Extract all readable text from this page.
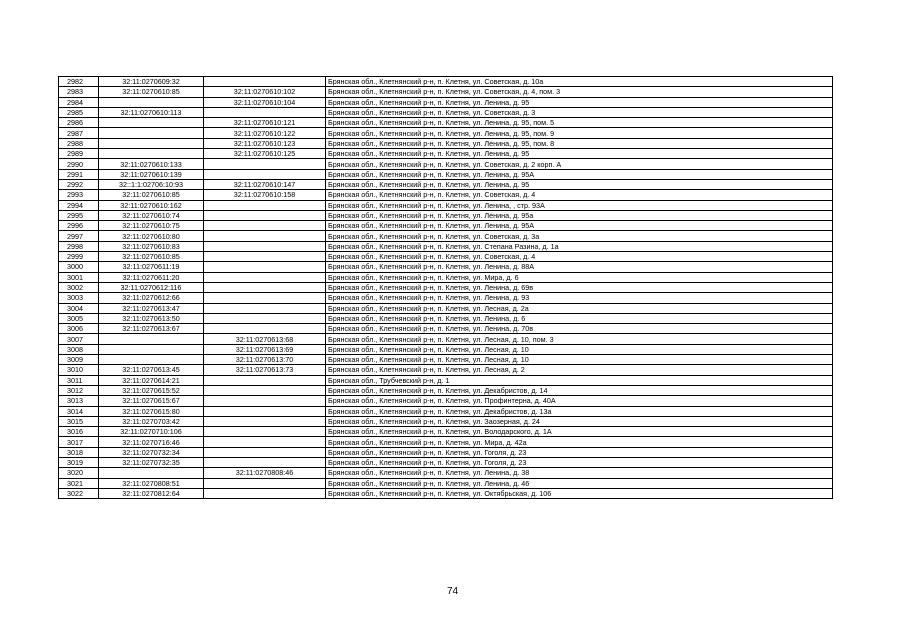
2982	32:11:0270609:32		Брянская обл., Клетнянский р-н, п. Клетня, ул. Советская, д. 10а
2983	32:11:0270610:85	32:11:0270610:102	Брянская обл., Клетнянский р-н, п. Клетня, ул. Советская, д. 4, пом. 3
2984		32:11:0270610:104	Брянская обл., Клетнянский р-н, п. Клетня, ул. Ленина, д. 95
2985	32:11:0270610:113		Брянская обл., Клетнянский р-н, п. Клетня, ул. Советская, д. 3
2986		32:11:0270610:121	Брянская обл., Клетнянский р-н, п. Клетня, ул. Ленина, д. 95, пом. 5
2987		32:11:0270610:122	Брянская обл., Клетнянский р-н, п. Клетня, ул. Ленина, д. 95, пом. 9
2988		32:11:0270610:123	Брянская обл., Клетнянский р-н, п. Клетня, ул. Ленина, д. 95, пом. 8
2989		32:11:0270610:125	Брянская обл., Клетнянский р-н, п. Клетня, ул. Ленина, д. 95
2990	32:11:0270610:133		Брянская обл., Клетнянский р-н, п. Клетня, ул. Советская, д. 2 корп. А
2991	32:11:0270610:139		Брянская обл., Клетнянский р-н, п. Клетня, ул. Ленина, д. 95А
2992	32::1:1:02706:10:93	32:11:0270610:147	Брянская обл., Клетнянский р-н, п. Клетня, ул. Ленина, д. 95
2993	32:11:0270610:85	32:11:0270610:158	Брянская обл., Клетнянский р-н, п. Клетня, ул. Советская, д. 4
2994	32:11:0270610:162		Брянская обл., Клетнянский р-н, п. Клетня, ул. Ленина, , стр. 93А
2995	32:11:0270610:74		Брянская обл., Клетнянский р-н, п. Клетня, ул. Ленина, д. 95а
2996	32:11:0270610:75		Брянская обл., Клетнянский р-н, п. Клетня, ул. Ленина, д. 95А
2997	32:11:0270610:80		Брянская обл., Клетнянский р-н, п. Клетня, ул. Советская, д. 3а
2998	32:11:0270610:83		Брянская обл., Клетнянский р-н, п. Клетня, ул. Степана Разина, д. 1а
2999	32:11:0270610:85		Брянская обл., Клетнянский р-н, п. Клетня, ул. Советская, д. 4
3000	32:11:0270611:19		Брянская обл., Клетнянский р-н, п. Клетня, ул. Ленина, д. 88А
3001	32:11:0270611:20		Брянская обл., Клетнянский р-н, п. Клетня, ул. Мира, д. 6
3002	32:11:0270612:116		Брянская обл., Клетнянский р-н, п. Клетня, ул. Ленина, д. 69в
3003	32:11:0270612:66		Брянская обл., Клетнянский р-н, п. Клетня, ул. Ленина, д. 93
3004	32:11:0270613:47		Брянская обл., Клетнянский р-н, п. Клетня, ул. Лесная, д. 2а
3005	32:11:0270613:50		Брянская обл., Клетнянский р-н, п. Клетня, ул. Ленина, д. 6
3006	32:11:0270613:67		Брянская обл., Клетнянский р-н, п. Клетня, ул. Ленина, д. 70в
3007		32:11:0270613:68	Брянская обл., Клетнянский р-н, п. Клетня, ул. Лесная, д. 10, пом. 3
3008		32:11:0270613:69	Брянская обл., Клетнянский р-н, п. Клетня, ул. Лесная, д. 10
3009		32:11:0270613:70	Брянская обл., Клетнянский р-н, п. Клетня, ул. Лесная, д. 10
3010	32:11:0270613:45	32:11:0270613:73	Брянская обл., Клетнянский р-н, п. Клетня, ул. Лесная, д. 2
3011	32:11:0270614:21		Брянская обл., Трубчевский р-н, д. 1
3012	32:11:0270615:52		Брянская обл., Клетнянский р-н, п. Клетня, ул. Декабристов, д. 14
3013	32:11:0270615:67		Брянская обл., Клетнянский р-н, п. Клетня, ул. Профинтерна, д. 40А
3014	32:11:0270615:80		Брянская обл., Клетнянский р-н, п. Клетня, ул. Декабристов, д. 13а
3015	32:11:0270703:42		Брянская обл., Клетнянский р-н, п. Клетня, ул. Заозерная, д. 24
3016	32:11:0270710:106		Брянская обл., Клетнянский р-н, п. Клетня, ул. Володарского, д. 1А
3017	32:11:0270716:46		Брянская обл., Клетнянский р-н, п. Клетня, ул. Мира, д. 42а
3018	32:11:0270732:34		Брянская обл., Клетнянский р-н, п. Клетня, ул. Гоголя, д. 23
3019	32:11:0270732:35		Брянская обл., Клетнянский р-н, п. Клетня, ул. Гоголя, д. 23
3020		32:11:0270808:46	Брянская обл., Клетнянский р-н, п. Клетня, ул. Ленина, д. 38
3021	32:11:0270808:51		Брянская обл., Клетнянский р-н, п. Клетня, ул. Ленина, д. 46
3022	32:11:0270812:64		Брянская обл., Клетнянский р-н, п. Клетня, ул. Октябрьская, д. 106
74
